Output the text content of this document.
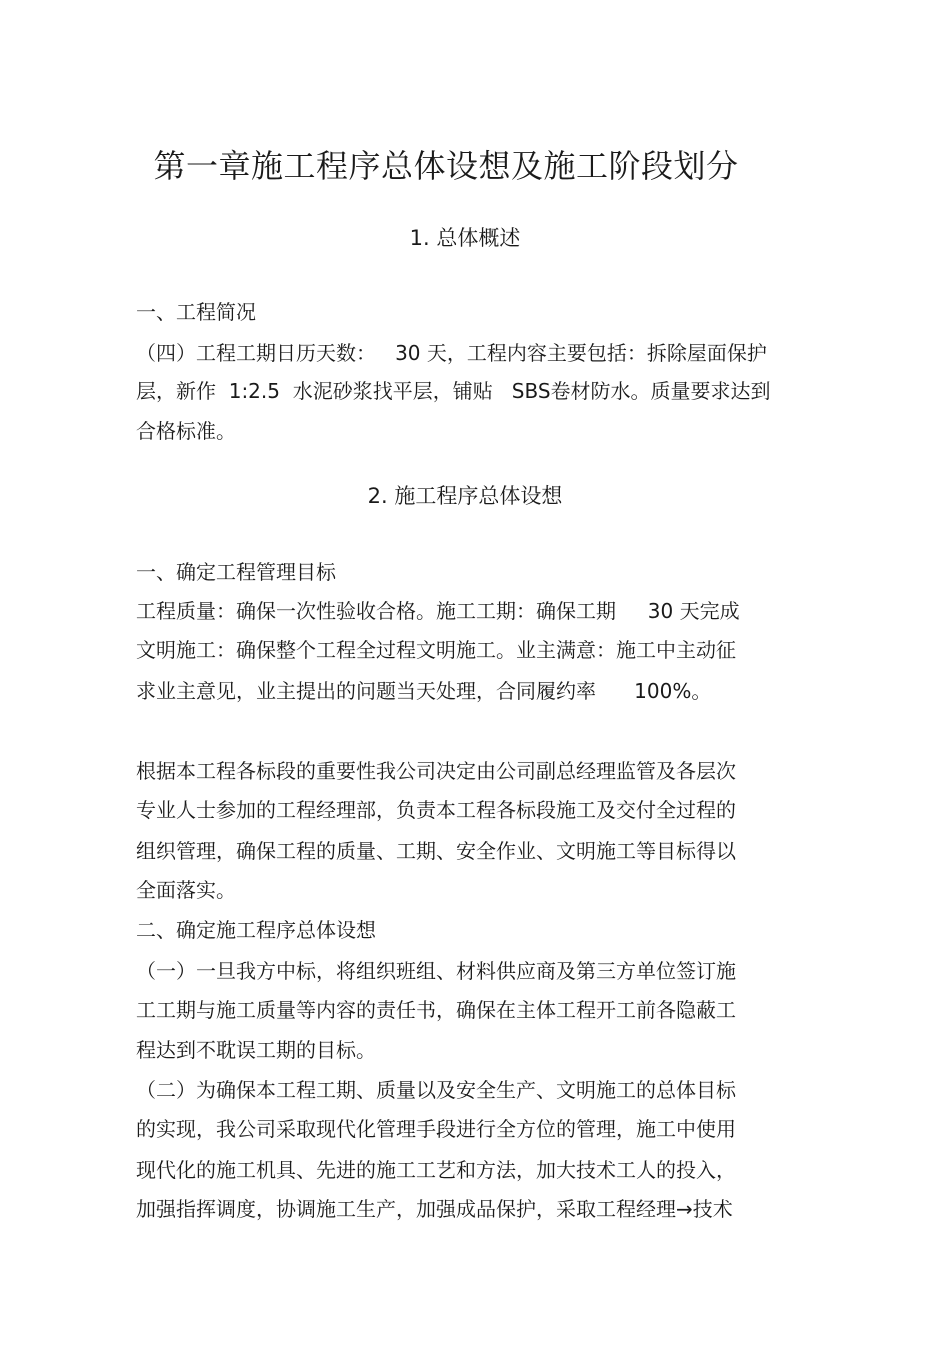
第一章施工程序总体设想及施工阶段划分
1. 总体概述

一、工程简况

（四）工程工期日历天数：   30 天，工程内容主要包括：拆除屋面保护

层，新作  1:2.5  水泥砂浆找平层，铺贴   SBS卷材防水。质量要求达到

合格标准。

2. 施工程序总体设想

一、确定工程管理目标

工程质量：确保一次性验收合格。施工工期：确保工期     30 天完成

文明施工：确保整个工程全过程文明施工。业主满意：施工中主动征

求业主意见，业主提出的问题当天处理，合同履约率      100%。

根据本工程各标段的重要性我公司决定由公司副总经理监管及各层次

专业人士参加的工程经理部，负责本工程各标段施工及交付全过程的

组织管理，确保工程的质量、工期、安全作业、文明施工等目标得以

全面落实。

二、确定施工程序总体设想

（一）一旦我方中标，将组织班组、材料供应商及第三方单位签订施

工工期与施工质量等内容的责任书，确保在主体工程开工前各隐蔽工

程达到不耽误工期的目标。

（二）为确保本工程工期、质量以及安全生产、文明施工的总体目标

的实现，我公司采取现代化管理手段进行全方位的管理，施工中使用

现代化的施工机具、先进的施工工艺和方法，加大技术工人的投入，

加强指挥调度，协调施工生产，加强成品保护，采取工程经理→技术
